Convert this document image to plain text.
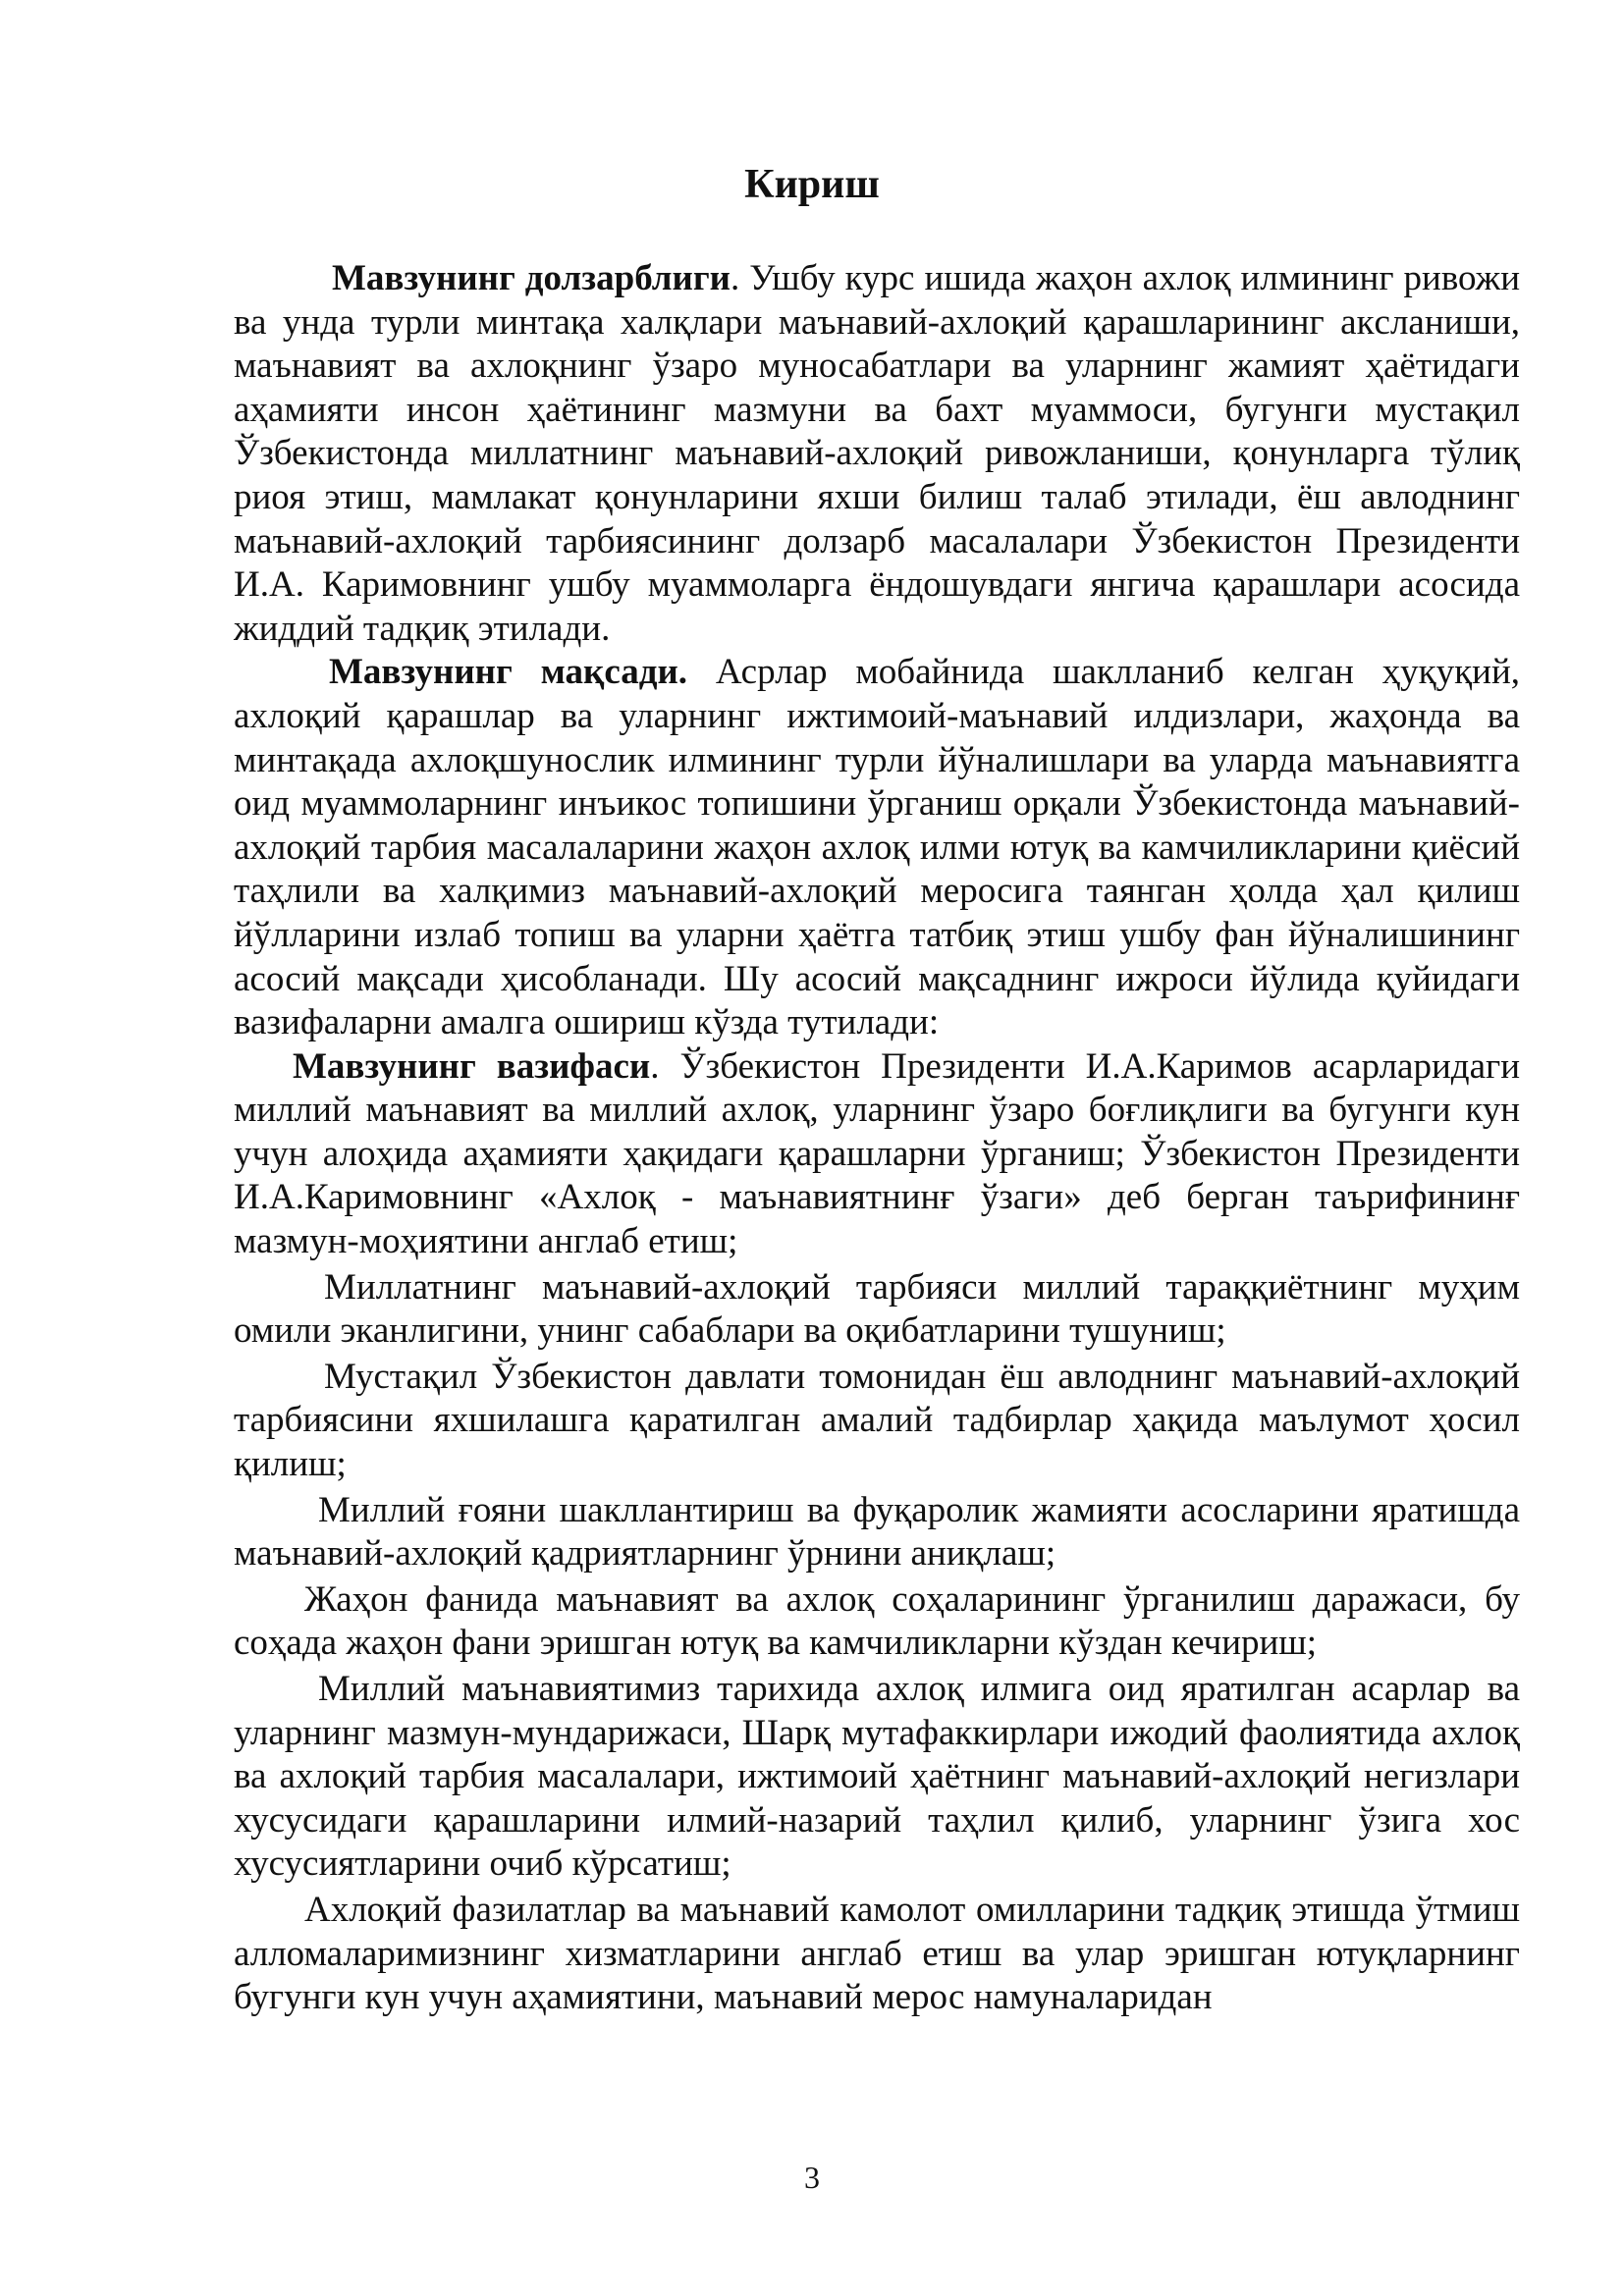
Кириш

Мавзунинг долзарблиги. Ушбу курс ишида жаҳон ахлоқ илмининг ривожи ва унда турли минтақа халқлари маънавий-ахлоқий қарашларининг акcланиши, маънавият ва ахлоқнинг ўзаро муносабатлари ва уларнинг жамият ҳаётидаги аҳамияти инсон ҳаётининг мазмуни ва бахт муаммоси, бугунги мустақил Ўзбекистонда миллатнинг маънавий-ахлоқий ривожланиши, қонунларга тўлиқ риоя этиш, мамлакат қонунларини яхши билиш талаб этилади, ёш авлоднинг маънавий-ахлоқий тарбиясининг долзарб масалалари Ўзбекистон Президенти И.А. Каримовнинг ушбу муаммоларга ёндошувдаги янгича қарашлари асосида жиддий тадқиқ этилади.

Мавзунинг мақсади. Асрлар мобайнида шаклланиб келган ҳуқуқий, ахлоқий қарашлар ва уларнинг ижтимоий-маънавий илдизлари, жаҳонда ва минтақада ахлоқшунослик илмининг турли йўналишлари ва уларда маънавиятга оид муаммоларнинг инъикос топишини ўрганиш орқали Ўзбекистонда маънавий-ахлоқий тарбия масалаларини жаҳон ахлоқ илми ютуқ ва камчиликларини қиёсий таҳлили ва халқимиз маънавий-ахлоқий меросига таянган ҳолда ҳал қилиш йўлларини излаб топиш ва уларни ҳаётга татбиқ этиш ушбу фан йўналишининг асосий мақсади ҳисобланади. Шу асосий мақсаднинг ижроси йўлида қуйидаги вазифаларни амалга ошириш кўзда тутилади:

Мавзунинг вазифаси. Ўзбекистон Президенти И.А.Каримов асарларидаги миллий маънавият ва миллий ахлоқ, уларнинг ўзаро боғлиқлиги ва бугунги кун учун алоҳида аҳамияти ҳақидаги қарашларни ўрганиш; Ўзбекистон Президенти И.А.Каримовнинг «Ахлоқ - маънавиятнинғ ўзаги» деб берган таърифининғ мазмун-моҳиятини англаб етиш;

Миллатнинг маънавий-ахлоқий тарбияси миллий тараққиётнинг муҳим омили эканлигини, унинг сабаблари ва оқибатларини тушуниш;

Мустақил Ўзбекистон давлати томонидан ёш авлоднинг маънавий-ахлоқий тарбиясини яхшилашга қаратилган амалий тадбирлар ҳақида маълумот ҳосил қилиш;

Миллий ғояни шакллантириш ва фуқаролик жамияти асосларини яратишда маънавий-ахлоқий қадриятларнинг ўрнини аниқлаш;

Жаҳон фанида маънавият ва ахлоқ соҳаларининг ўрганилиш даражаси, бу соҳада жаҳон фани эришган ютуқ ва камчиликларни кўздан кечириш;

Миллий маънавиятимиз тарихида ахлоқ илмига оид яратилган асарлар ва уларнинг мазмун-мундарижаси, Шарқ мутафаккирлари ижодий фаолиятида ахлоқ ва ахлоқий тарбия масалалари, ижтимоий ҳаётнинг маънавий-ахлоқий негизлари хусусидаги қарашларини илмий-назарий таҳлил қилиб, уларнинг ўзига хос хусусиятларини очиб кўрсатиш;

Ахлоқий фазилатлар ва маънавий камолот омилларини тадқиқ этишда ўтмиш алломаларимизнинг хизматларини англаб етиш ва улар эришган ютуқларнинг бугунги кун учун аҳамиятини, маънавий мерос намуналаридан

3
